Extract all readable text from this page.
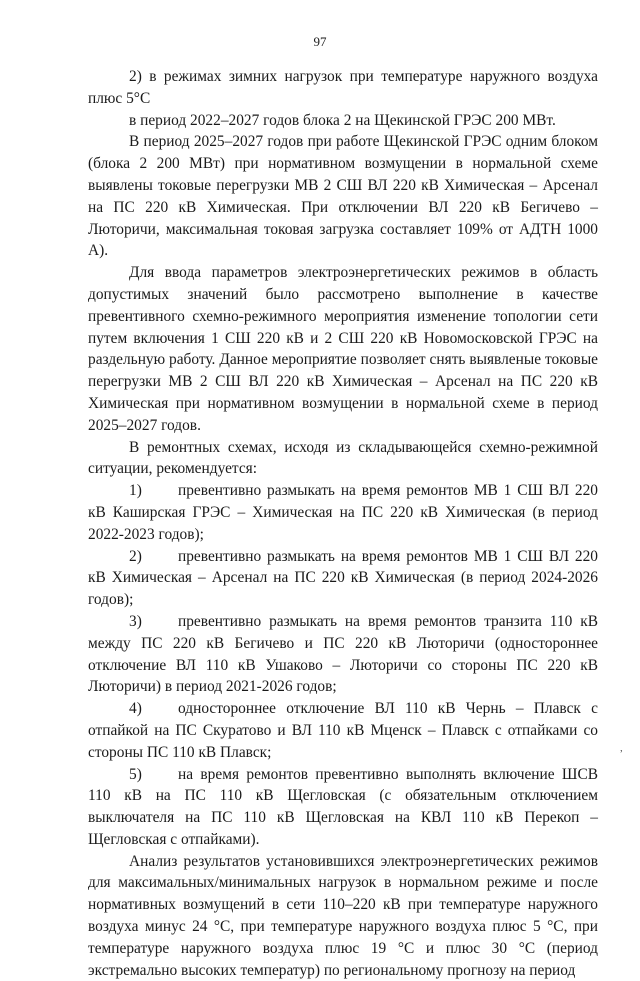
97

2) в режимах зимних нагрузок при температуре наружного воздуха плюс 5°С

в период 2022–2027 годов блока 2 на Щекинской ГРЭС 200 МВт.

В период 2025–2027 годов при работе Щекинской ГРЭС одним блоком (блока 2 200 МВт) при нормативном возмущении в нормальной схеме выявлены токовые перегрузки МВ 2 СШ ВЛ 220 кВ Химическая – Арсенал на ПС 220 кВ Химическая. При отключении ВЛ 220 кВ Бегичево – Люторичи, максимальная токовая загрузка составляет 109% от АДТН 1000 А).

Для ввода параметров электроэнергетических режимов в область допустимых значений было рассмотрено выполнение в качестве превентивного схемно-режимного мероприятия изменение топологии сети путем включения 1 СШ 220 кВ и 2 СШ 220 кВ Новомосковской ГРЭС на раздельную работу. Данное мероприятие позволяет снять выявленые токовые перегрузки МВ 2 СШ ВЛ 220 кВ Химическая – Арсенал на ПС 220 кВ Химическая при нормативном возмущении в нормальной схеме в период 2025–2027 годов.

В ремонтных схемах, исходя из складывающейся схемно-режимной ситуации, рекомендуется:

1) превентивно размыкать на время ремонтов МВ 1 СШ ВЛ 220 кВ Каширская ГРЭС – Химическая на ПС 220 кВ Химическая (в период 2022-2023 годов);

2) превентивно размыкать на время ремонтов МВ 1 СШ ВЛ 220 кВ Химическая – Арсенал на ПС 220 кВ Химическая (в период 2024-2026 годов);

3) превентивно размыкать на время ремонтов транзита 110 кВ между ПС 220 кВ Бегичево и ПС 220 кВ Люторичи (одностороннее отключение ВЛ 110 кВ Ушаково – Люторичи со стороны ПС 220 кВ Люторичи) в период 2021-2026 годов;

4) одностороннее отключение ВЛ 110 кВ Чернь – Плавск с отпайкой на ПС Скуратово и ВЛ 110 кВ Мценск – Плавск с отпайками со стороны ПС 110 кВ Плавск;

5) на время ремонтов превентивно выполнять включение ШСВ 110 кВ на ПС 110 кВ Щегловская (с обязательным отключением выключателя на ПС 110 кВ Щегловская на КВЛ 110 кВ Перекоп – Щегловская с отпайками).

Анализ результатов установившихся электроэнергетических режимов для максимальных/минимальных нагрузок в нормальном режиме и после нормативных возмущений в сети 110–220 кВ при температуре наружного воздуха минус 24 °С, при температуре наружного воздуха плюс 5 °С, при температуре наружного воздуха плюс 19 °С и плюс 30 °С (период экстремально высоких температур) по региональному прогнозу на период

,
